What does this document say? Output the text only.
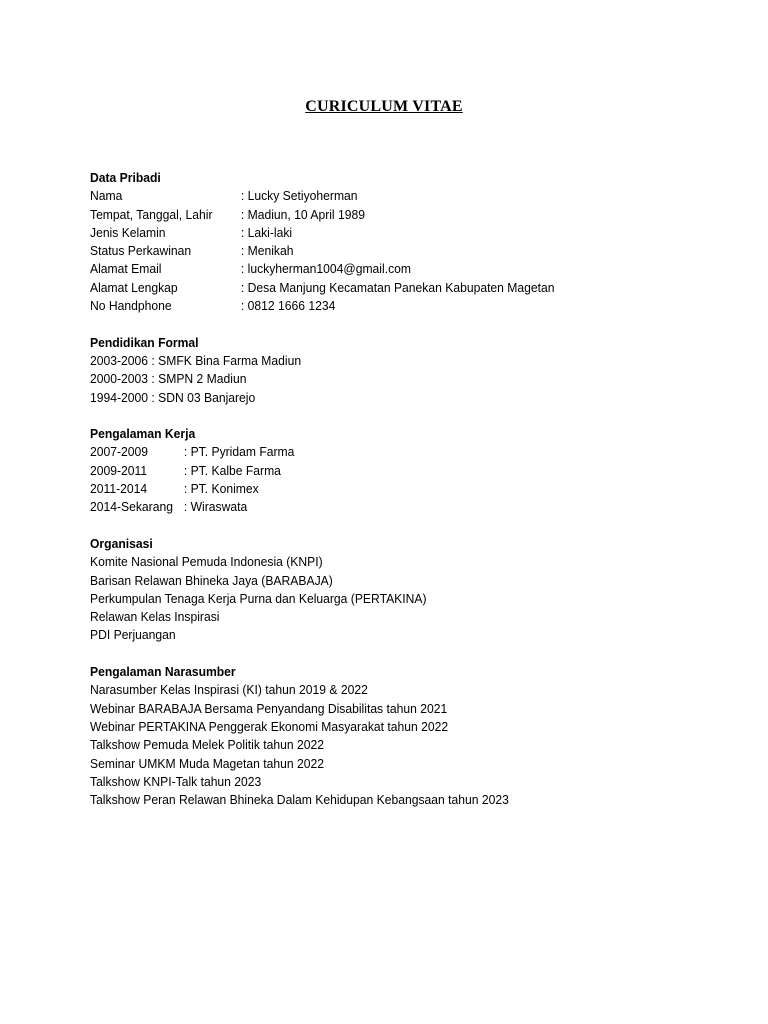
CURICULUM VITAE
Data Pribadi
Nama	: Lucky Setiyoherman
Tempat, Tanggal, Lahir	: Madiun, 10 April 1989
Jenis Kelamin	: Laki-laki
Status Perkawinan	: Menikah
Alamat Email	: luckyherman1004@gmail.com
Alamat Lengkap	: Desa Manjung Kecamatan Panekan Kabupaten Magetan
No Handphone	: 0812 1666 1234
Pendidikan Formal
2003-2006 : SMFK Bina Farma Madiun
2000-2003 : SMPN 2 Madiun
1994-2000 : SDN 03 Banjarejo
Pengalaman Kerja
2007-2009	: PT. Pyridam Farma
2009-2011	: PT. Kalbe Farma
2011-2014	: PT. Konimex
2014-Sekarang : Wiraswata
Organisasi
Komite Nasional Pemuda Indonesia (KNPI)
Barisan Relawan Bhineka Jaya (BARABAJA)
Perkumpulan Tenaga Kerja Purna dan Keluarga (PERTAKINA)
Relawan Kelas Inspirasi
PDI Perjuangan
Pengalaman Narasumber
Narasumber Kelas Inspirasi (KI) tahun 2019 & 2022
Webinar BARABAJA Bersama Penyandang Disabilitas tahun 2021
Webinar PERTAKINA Penggerak Ekonomi Masyarakat tahun 2022
Talkshow Pemuda Melek Politik tahun 2022
Seminar UMKM Muda Magetan tahun 2022
Talkshow KNPI-Talk tahun 2023
Talkshow Peran Relawan Bhineka Dalam Kehidupan Kebangsaan tahun 2023
